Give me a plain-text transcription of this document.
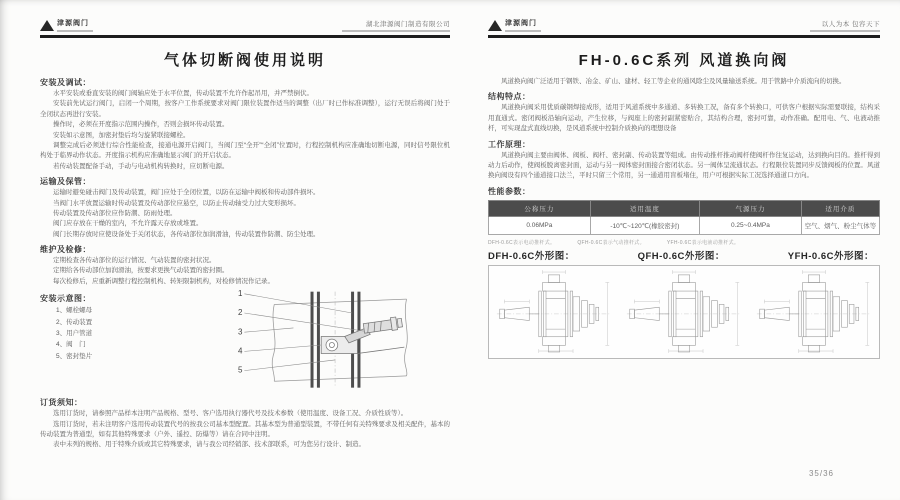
津源阀门	湖北津源阀门制造有限公司
气体切断阀使用说明
安装及调试：
水平安装或垂直安装的阀门阀轴应处于水平位置，传动装置不允许作起吊用，并严禁倒伏。
安装前先试运行阀门，启闭一个周期，按客户工作系统要求对阀门限位装置作适当的调整（出厂时已作标准调整），运行无误后将阀门处于全闭状态再进行安装。
操作时，必须在开度指示范围内操作，否则会损坏传动装置。
安装如示意图，加密封垫后均匀旋紧联接螺栓。
调整完成后必须进行综合性能检查，接通电源开启阀门，当阀门至“全开”“全闭”位置时，行程控制机构应准确地切断电源，同时信号限位机构处于临界动作状态。开度指示机构应准确地显示阀门的开启状态。
若传动装置配备手动，手动与电动机构转换时，应切断电源。
运输及保管：
运输时避免碰击阀门及传动装置，阀门应处于全闭位置，以防在运输中阀板和传动部件损坏。
当阀门水平放置运输时传动装置及传动部位应悬空，以防止传动轴受力过大变形损坏。
传动装置及传动部位应作防潮、防雨处理。
阀门应存放在干燥的室内，不允许露天存放或堆置。
阀门长期存放时应使设备处于关闭状态，各传动部位加润滑油，传动装置作防潮、防尘处理。
维护及检修：
定期检查各传动部位的运行情况、气动装置的密封状况。
定期给各传动部位加润滑油，按要求更换气动装置的密封圈。
每次检修后，应重新调整行程控制机构、转矩限制机构，对检修情况作记录。
安装示意图：
1、螺栓螺母
2、传动装置
3、用户管道
4、阀　门
5、密封垫片
1
2
3
4
5
订货须知：
选用订货时，请参照产品样本注明产品规格、型号、客户选用执行器代号及技术参数（使用温度、设备工况、介质性质等）。
选用订货时，若未注明客户选用传动装置代号的按我公司基本型配置。其基本型为普通型装置，不带任何有关特殊要求及相关配件，基本的传动装置为普通型，如有其他特殊要求（户外、遥控、防爆等）请在合同中注明。
表中未列的规格、用于特殊介质或其它特殊要求，请与我公司经销部、技术部联系，可为您另行设计、制造。
津源阀门	以人为本 包容天下
FH-0.6C系列 风道换向阀
风道换向阀广泛适用于钢铁、冶金、矿山、建材、轻工等企业的通风除尘及风量输送系统。用于管路中介质流向的切换。
结构特点：
风道换向阀采用优质碳钢焊接成形，适用于风道系统中多通道、多转换工况，备有多个转换口，可供客户根据实际需要联接，结构采用直通式。密闭阀板沿轴向运动，产生位移，与阀座上的密封副紧密贴合，其结构合理，密封可靠，动作准确。配用电、气、电液动推杆，可实现盘式直线切换，是风道系统中控制介质换向的理想设备
工作原理：
风道换向阀主要由阀体、阀板、阀杆、密封副、传动装置等组成。由传动推杆推动阀杆使阀杆作往复运动，达到换向目的。推杆得到动力后动作，使阀板脱离密封面，运动与另一阀体密封面接合密闭状态。另一阀体呈流通状态。行程限位装置同步反馈阀板的位置。风道换向阀设有四个通道接口法兰，平时只留三个常用，另一通道用盲板堵住，用户可根据实际工况选择通道口方向。
性能参数：
公称压力	适用温度	气源压力	适用介质
0.06MPa	-10℃~120℃(橡胶密封)	0.25~0.4MPa	空气、烟气、粉尘气体等
DFH-0.6C表示电动推杆式。	QFH-0.6C表示气动推杆式。	YFH-0.6C表示电液动推杆式。
DFH-0.6C外形图：	QFH-0.6C外形图：	YFH-0.6C外形图：
35/36
